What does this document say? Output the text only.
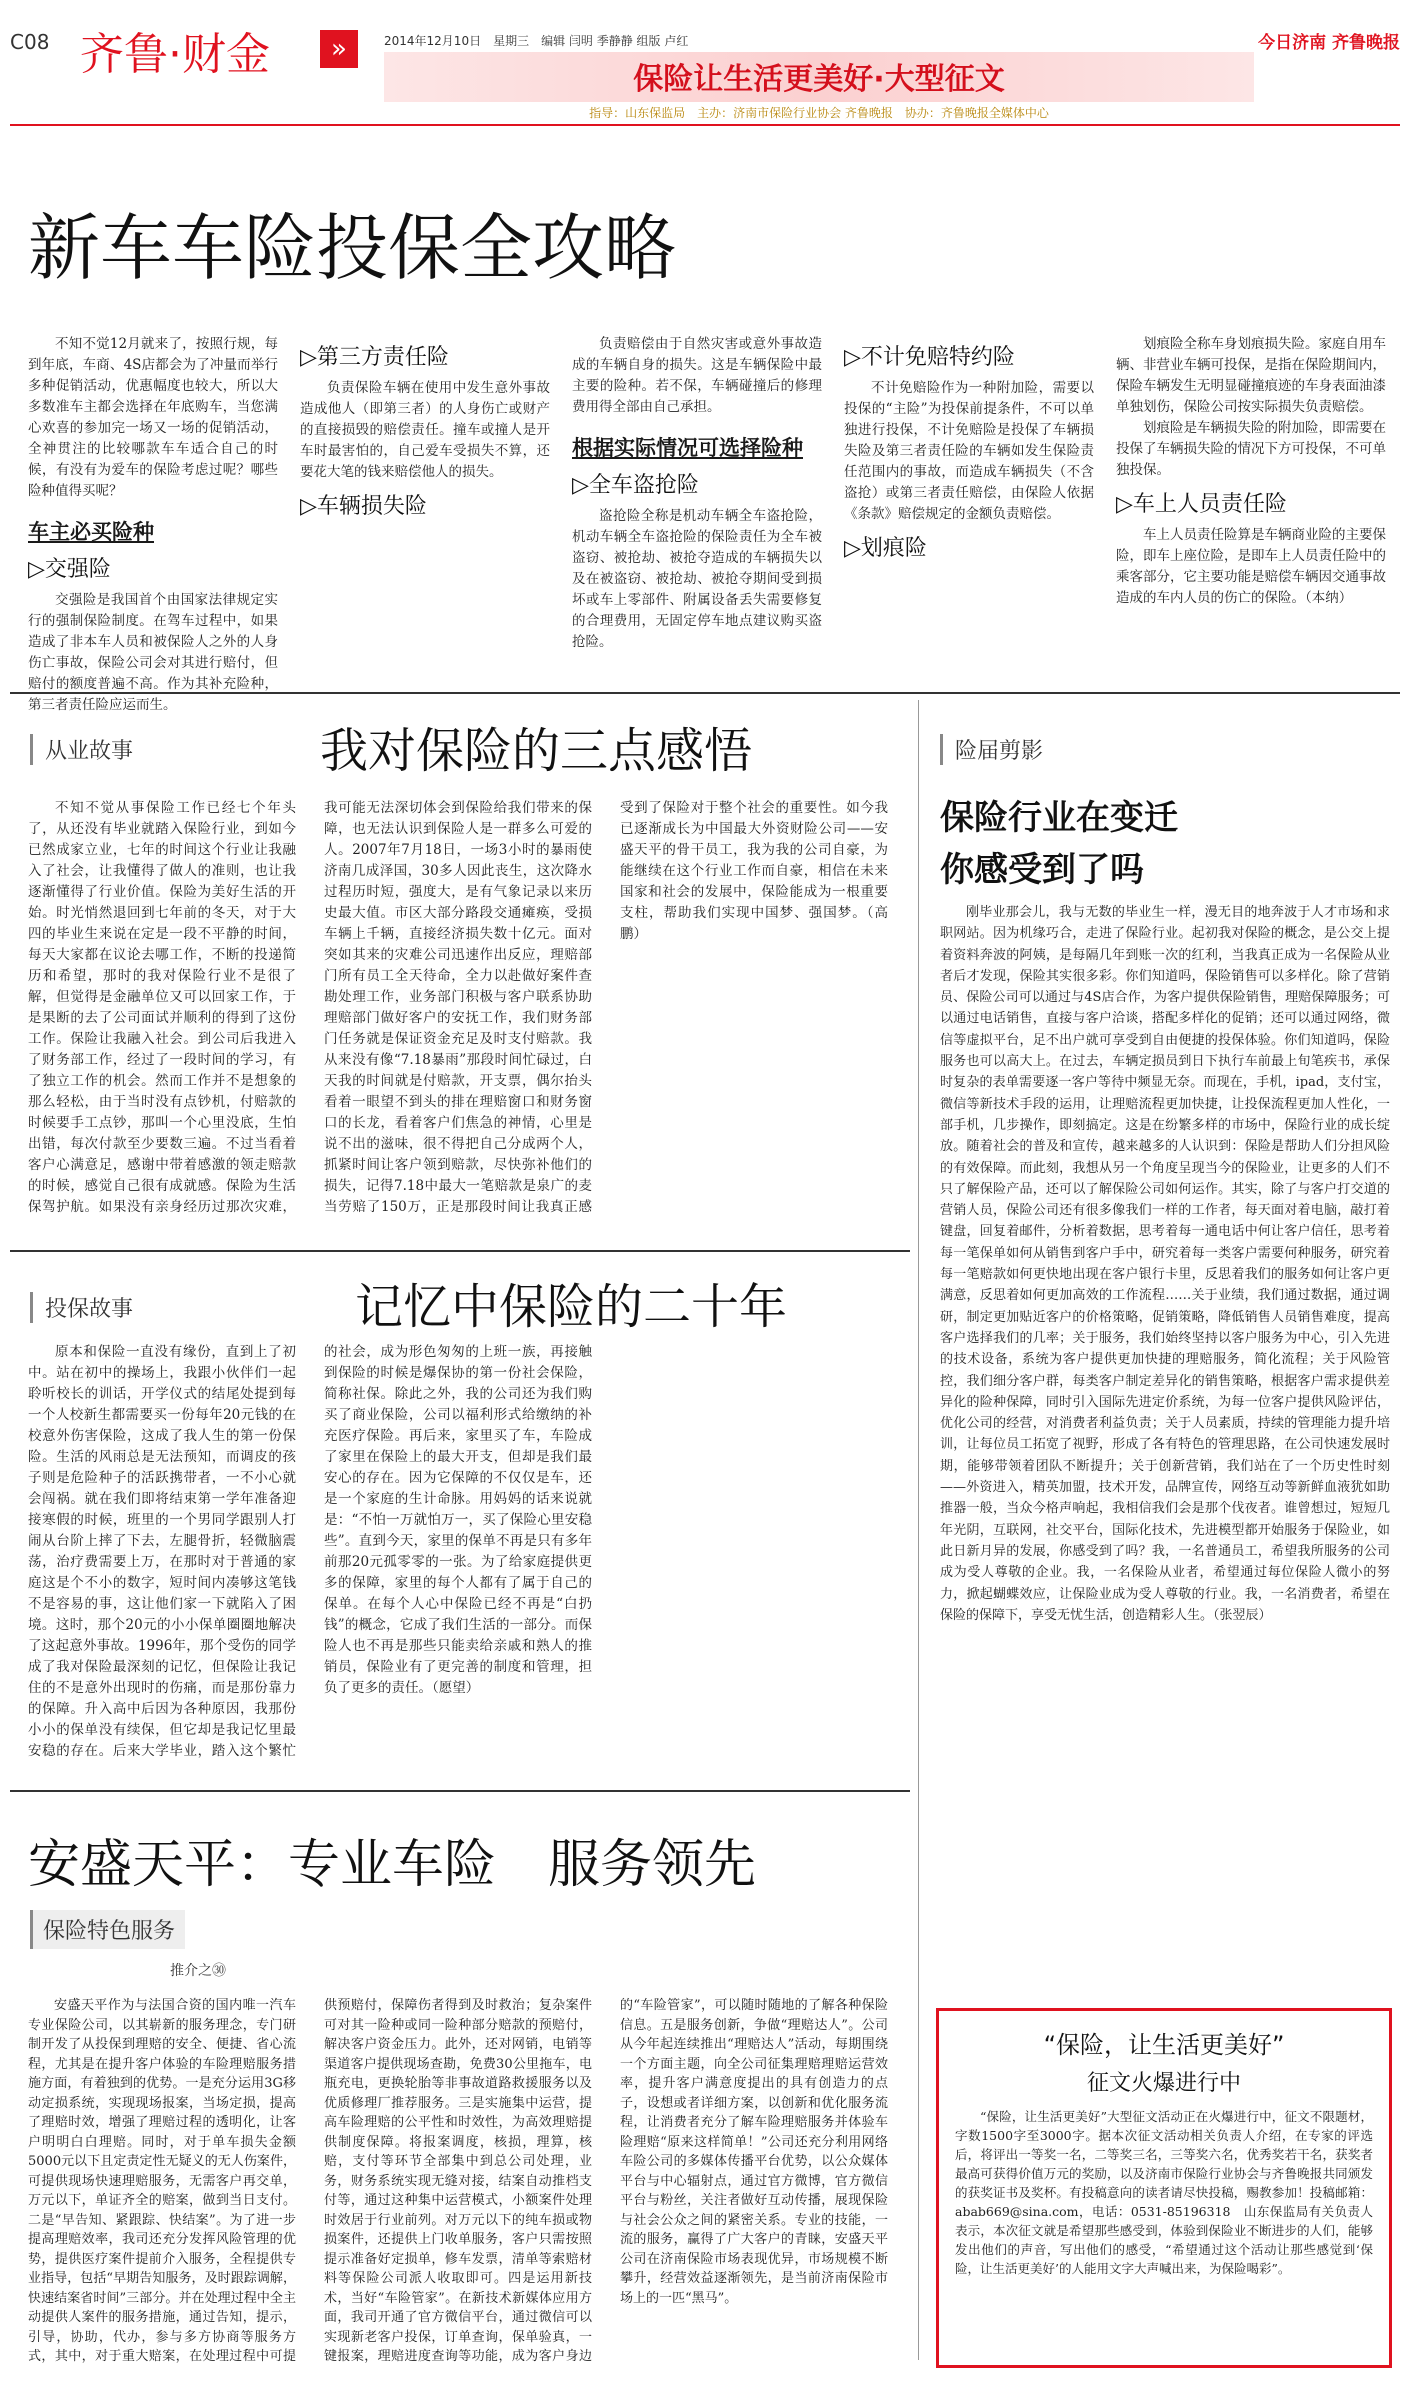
C08 齐鲁·财金	»	2014年12月10日　星期三　编辑 闫明 季静静 组版 卢红	今日济南 齐鲁晚报
保险让生活更美好·大型征文
指导：山东保监局　主办：济南市保险行业协会 齐鲁晚报　协办：齐鲁晚报全媒体中心
新车车险投保全攻略

不知不觉12月就来了，按照行规，每到年底，车商、4S店都会为了冲量而举行多种促销活动，优惠幅度也较大，所以大多数准车主都会选择在年底购车，当您满心欢喜的参加完一场又一场的促销活动，全神贯注的比较哪款车车适合自己的时候，有没有为爱车的保险考虑过呢？哪些险种值得买呢？

车主必买险种
▷交强险

交强险是我国首个由国家法律规定实行的强制保险制度。在驾车过程中，如果造成了非本车人员和被保险人之外的人身伤亡事故，保险公司会对其进行赔付，但赔付的额度普遍不高。作为其补充险种，第三者责任险应运而生。

▷第三方责任险

负责保险车辆在使用中发生意外事故造成他人（即第三者）的人身伤亡或财产的直接损毁的赔偿责任。撞车或撞人是开车时最害怕的，自己爱车受损失不算，还要花大笔的钱来赔偿他人的损失。

▷车辆损失险

负责赔偿由于自然灾害或意外事故造成的车辆自身的损失。这是车辆保险中最主要的险种。若不保，车辆碰撞后的修理费用得全部由自己承担。

根据实际情况可选择险种
▷全车盗抢险

盗抢险全称是机动车辆全车盗抢险，机动车辆全车盗抢险的保险责任为全车被盗窃、被抢劫、被抢夺造成的车辆损失以及在被盗窃、被抢劫、被抢夺期间受到损坏或车上零部件、附属设备丢失需要修复的合理费用，无固定停车地点建议购买盗抢险。

▷不计免赔特约险

不计免赔险作为一种附加险，需要以投保的“主险”为投保前提条件，不可以单独进行投保，不计免赔险是投保了车辆损失险及第三者责任险的车辆如发生保险责任范围内的事故，而造成车辆损失（不含盗抢）或第三者责任赔偿，由保险人依据《条款》赔偿规定的金额负责赔偿。

▷划痕险

划痕险全称车身划痕损失险。家庭自用车辆、非营业车辆可投保，是指在保险期间内，保险车辆发生无明显碰撞痕迹的车身表面油漆单独划伤，保险公司按实际损失负责赔偿。

划痕险是车辆损失险的附加险，即需要在投保了车辆损失险的情况下方可投保，不可单独投保。

▷车上人员责任险

车上人员责任险算是车辆商业险的主要保险，即车上座位险，是即车上人员责任险中的乘客部分，它主要功能是赔偿车辆因交通事故造成的车内人员的伤亡的保险。（本纳）

从业故事	我对保险的三点感悟

不知不觉从事保险工作已经七个年头了，从还没有毕业就踏入保险行业，到如今已然成家立业，七年的时间这个行业让我融入了社会，让我懂得了做人的准则，也让我逐渐懂得了行业价值。保险为美好生活的开始。时光悄然退回到七年前的冬天，对于大四的毕业生来说在定是一段不平静的时间，每天大家都在议论去哪工作，不断的投递简历和希望，那时的我对保险行业不是很了解，但觉得是金融单位又可以回家工作，于是果断的去了公司面试并顺利的得到了这份工作。保险让我融入社会。到公司后我进入了财务部工作，经过了一段时间的学习，有了独立工作的机会。然而工作并不是想象的那么轻松，由于当时没有点钞机，付赔款的时候要手工点钞，那叫一个心里没底，生怕出错，每次付款至少要数三遍。不过当看着客户心满意足，感谢中带着感激的领走赔款的时候，感觉自己很有成就感。保险为生活保驾护航。如果没有亲身经历过那次灾难，我可能无法深切体会到保险给我们带来的保障，也无法认识到保险人是一群多么可爱的人。2007年7月18日，一场3小时的暴雨使济南几成泽国，30多人因此丧生，这次降水过程历时短，强度大，是有气象记录以来历史最大值。市区大部分路段交通瘫痪，受损车辆上千辆，直接经济损失数十亿元。面对突如其来的灾难公司迅速作出反应，理赔部门所有员工全天待命，全力以赴做好案件查勘处理工作，业务部门积极与客户联系协助理赔部门做好客户的安抚工作，我们财务部门任务就是保证资金充足及时支付赔款。我从来没有像“7.18暴雨”那段时间忙碌过，白天我的时间就是付赔款，开支票，偶尔抬头看着一眼望不到头的排在理赔窗口和财务窗口的长龙，看着客户们焦急的神情，心里是说不出的滋味，很不得把自己分成两个人，抓紧时间让客户领到赔款，尽快弥补他们的损失，记得7.18中最大一笔赔款是泉广的麦当劳赔了150万，正是那段时间让我真正感受到了保险对于整个社会的重要性。如今我已逐渐成长为中国最大外资财险公司——安盛天平的骨干员工，我为我的公司自豪，为能继续在这个行业工作而自豪，相信在未来国家和社会的发展中，保险能成为一根重要支柱，帮助我们实现中国梦、强国梦。（高鹏）

投保故事	记忆中保险的二十年

原本和保险一直没有缘份，直到上了初中。站在初中的操场上，我跟小伙伴们一起聆听校长的训话，开学仪式的结尾处提到每一个人校新生都需要买一份每年20元钱的在校意外伤害保险，这成了我人生的第一份保险。生活的风雨总是无法预知，而调皮的孩子则是危险种子的活跃携带者，一不小心就会闯祸。就在我们即将结束第一学年准备迎接寒假的时候，班里的一个男同学跟别人打闹从台阶上摔了下去，左腿骨折，轻微脑震荡，治疗费需要上万，在那时对于普通的家庭这是个不小的数字，短时间内凑够这笔钱不是容易的事，这让他们家一下就陷入了困境。这时，那个20元的小小保单圈圈地解决了这起意外事故。1996年，那个受伤的同学成了我对保险最深刻的记忆，但保险让我记住的不是意外出现时的伤痛，而是那份靠力的保障。升入高中后因为各种原因，我那份小小的保单没有续保，但它却是我记忆里最安稳的存在。后来大学毕业，踏入这个繁忙的社会，成为形色匆匆的上班一族，再接触到保险的时候是爆保协的第一份社会保险，简称社保。除此之外，我的公司还为我们购买了商业保险，公司以福利形式给缴纳的补充医疗保险。再后来，家里买了车，车险成了家里在保险上的最大开支，但却是我们最安心的存在。因为它保障的不仅仅是车，还是一个家庭的生计命脉。用妈妈的话来说就是：“不怕一万就怕万一，买了保险心里安稳些”。直到今天，家里的保单不再是只有多年前那20元孤零零的一张。为了给家庭提供更多的保障，家里的每个人都有了属于自己的保单。在每个人心中保险已经不再是“白扔钱”的概念，它成了我们生活的一部分。而保险人也不再是那些只能卖给亲戚和熟人的推销员，保险业有了更完善的制度和管理，担负了更多的责任。（愿望）

安盛天平：专业车险　服务领先
保险特色服务
推介之㉚

安盛天平作为与法国合资的国内唯一汽车专业保险公司，以其崭新的服务理念，专门研制开发了从投保到理赔的安全、便捷、省心流程，尤其是在提升客户体验的车险理赔服务措施方面，有着独到的优势。一是充分运用3G移动定损系统，实现现场报案，当场定损，提高了理赔时效，增强了理赔过程的透明化，让客户明明白白理赔。同时，对于单车损失金额5000元以下且定责定性无疑义的无人伤案件，可提供现场快速理赔服务，无需客户再交单，万元以下，单证齐全的赔案，做到当日支付。二是“早告知、紧跟踪、快结案”。为了进一步提高理赔效率，我司还充分发挥风险管理的优势，提供医疗案件提前介入服务，全程提供专业指导，包括“早期告知服务，及时跟踪调解，快速结案省时间”三部分。并在处理过程中全主动提供人案件的服务措施，通过告知，提示，引导，协助，代办，参与多方协商等服务方式，其中，对于重大赔案，在处理过程中可提供预赔付，保障伤者得到及时救治；复杂案件可对其一险种或同一险种部分赔款的预赔付，解决客户资金压力。此外，还对网销，电销等渠道客户提供现场查勘，免费30公里拖车，电瓶充电，更换轮胎等非事故道路救援服务以及优质修理厂推荐服务。三是实施集中运营，提高车险理赔的公平性和时效性，为高效理赔提供制度保障。将报案调度，核损，理算，核赔，支付等环节全部集中到总公司处理，业务，财务系统实现无缝对接，结案自动推档支付等，通过这种集中运营模式，小额案件处理时效居于行业前列。对万元以下的纯车损或物损案件，还提供上门收单服务，客户只需按照提示准备好定损单，修车发票，清单等索赔材料等保险公司派人收取即可。四是运用新技术，当好“车险管家”。在新技术新媒体应用方面，我司开通了官方微信平台，通过微信可以实现新老客户投保，订单查询，保单验真，一键报案，理赔进度查询等功能，成为客户身边的“车险管家”，可以随时随地的了解各种保险信息。五是服务创新，争做“理赔达人”。公司从今年起连续推出“理赔达人”活动，每期围绕一个方面主题，向全公司征集理赔理赔运营效率，提升客户满意度提出的具有创造力的点子，设想或者详细方案，以创新和优化服务流程，让消费者充分了解车险理赔服务并体验车险理赔“原来这样简单！”公司还充分利用网络车险公司的多媒体传播平台优势，以公众媒体平台与中心辐射点，通过官方微博，官方微信平台与粉丝，关注者做好互动传播，展现保险与社会公众之间的紧密关系。专业的技能，一流的服务，赢得了广大客户的青睐，安盛天平公司在济南保险市场表现优异，市场规模不断攀升，经营效益逐渐领先，是当前济南保险市场上的一匹“黑马”。

险届剪影
保险行业在变迁
你感受到了吗

刚毕业那会儿，我与无数的毕业生一样，漫无目的地奔波于人才市场和求职网站。因为机缘巧合，走进了保险行业。起初我对保险的概念，是公交上提着资料奔波的阿姨，是每隔几年到账一次的红利，当我真正成为一名保险从业者后才发现，保险其实很多彩。你们知道吗，保险销售可以多样化。除了营销员、保险公司可以通过与4S店合作，为客户提供保险销售，理赔保障服务；可以通过电话销售，直接与客户洽谈，搭配多样化的促销；还可以通过网络，微信等虚拟平台，足不出户就可享受到自由便捷的投保体验。你们知道吗，保险服务也可以高大上。在过去，车辆定损员到日下执行车前最上旬笔疾书，承保时复杂的表单需要逐一客户等待中频显无奈。而现在，手机，ipad，支付宝，微信等新技术手段的运用，让理赔流程更加快捷，让投保流程更加人性化，一部手机，几步操作，即刻搞定。这是在纷繁多样的市场中，保险行业的成长绽放。随着社会的普及和宣传，越来越多的人认识到：保险是帮助人们分担风险的有效保障。而此刻，我想从另一个角度呈现当今的保险业，让更多的人们不只了解保险产品，还可以了解保险公司如何运作。其实，除了与客户打交道的营销人员，保险公司还有很多像我们一样的工作者，每天面对着电脑，敲打着键盘，回复着邮件，分析着数据，思考着每一通电话中何让客户信任，思考着每一笔保单如何从销售到客户手中，研究着每一类客户需要何种服务，研究着每一笔赔款如何更快地出现在客户银行卡里，反思着我们的服务如何让客户更满意，反思着如何更加高效的工作流程……关于业绩，我们通过数据，通过调研，制定更加贴近客户的价格策略，促销策略，降低销售人员销售难度，提高客户选择我们的几率；关于服务，我们始终坚持以客户服务为中心，引入先进的技术设备，系统为客户提供更加快捷的理赔服务，简化流程；关于风险管控，我们细分客户群，每类客户制定差异化的销售策略，根据客户需求提供差异化的险种保障，同时引入国际先进定价系统，为每一位客户提供风险评估，优化公司的经营，对消费者利益负责；关于人员素质，持续的管理能力提升培训，让每位员工拓宽了视野，形成了各有特色的管理思路，在公司快速发展时期，能够带领着团队不断提升；关于创新营销，我们站在了一个历史性时刻——外资进入，精英加盟，技术开发，品牌宣传，网络互动等新鲜血液犹如助推器一般，当众今格声响起，我相信我们会是那个伐夜者。谁曾想过，短短几年光阴，互联网，社交平台，国际化技术，先进模型都开始服务于保险业，如此日新月异的发展，你感受到了吗？我，一名普通员工，希望我所服务的公司成为受人尊敬的企业。我，一名保险从业者，希望通过每位保险人微小的努力，掀起蝴蝶效应，让保险业成为受人尊敬的行业。我，一名消费者，希望在保险的保障下，享受无忧生活，创造精彩人生。（张翌辰）

“保险，让生活更美好”
征文火爆进行中

“保险，让生活更美好”大型征文活动正在火爆进行中，征文不限题材，字数1500字至3000字。据本次征文活动相关负责人介绍，在专家的评选后，将评出一等奖一名，二等奖三名，三等奖六名，优秀奖若干名，获奖者最高可获得价值万元的奖励，以及济南市保险行业协会与齐鲁晚报共同颁发的获奖证书及奖杯。有投稿意向的读者请尽快投稿，赐教参加！投稿邮箱：abab669@sina.com，电话：0531-85196318　山东保监局有关负责人表示，本次征文就是希望那些感受到，体验到保险业不断进步的人们，能够发出他们的声音，写出他们的感受，“希望通过这个活动让那些感觉到‘保险，让生活更美好’的人能用文字大声喊出来，为保险喝彩”。
